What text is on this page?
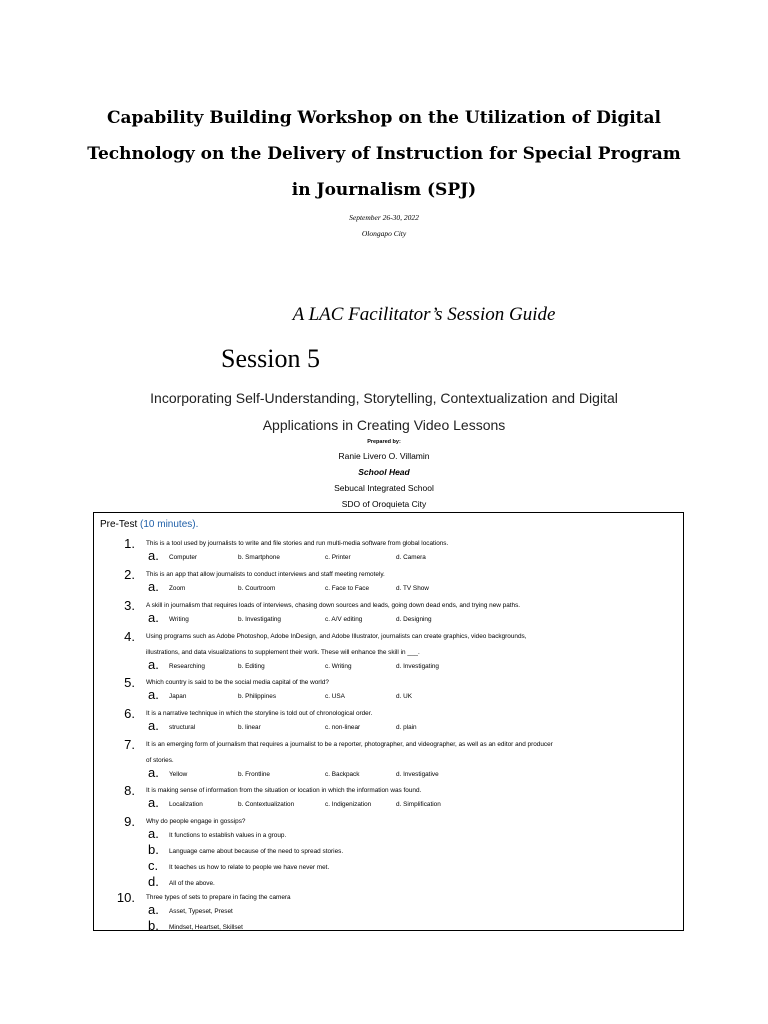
Capability Building Workshop on the Utilization of Digital
Technology on the Delivery of Instruction for Special Program
in Journalism (SPJ)
September 26-30, 2022
Olongapo City
A LAC Facilitator’s Session Guide
Session 5
Incorporating Self-Understanding, Storytelling, Contextualization and Digital
Applications in Creating Video Lessons
Prepared by:
Ranie Livero O. Villamin
School Head
Sebucal Integrated School
SDO of Oroquieta City
Pre-Test (10 minutes).
1. This is a tool used by journalists to write and file stories and run multi-media software from global locations.
a. Computer	b. Smartphone	c. Printer	d. Camera
2. This is an app that allow journalists to conduct interviews and staff meeting remotely.
a. Zoom	b. Courtroom	c. Face to Face	d. TV Show
3. A skill in journalism that requires loads of interviews, chasing down sources and leads, going down dead ends, and trying new paths.
a. Writing	b. Investigating	c. A/V editing	d. Designing
4. Using programs such as Adobe Photoshop, Adobe InDesign, and Adobe Illustrator, journalists can create graphics, video backgrounds,
illustrations, and data visualizations to supplement their work. These will enhance the skill in ___.
a. Researching	b. Editing	c. Writing	d. Investigating
5. Which country is said to be the social media capital of the world?
a. Japan	b. Philippines	c. USA	d. UK
6. It is a narrative technique in which the storyline is told out of chronological order.
a. structural	b. linear	c. non-linear	d. plain
7. It is an emerging form of journalism that requires a journalist to be a reporter, photographer, and videographer, as well as an editor and producer
of stories.
a. Yellow	b. Frontline	c. Backpack	d. Investigative
8. It is making sense of information from the situation or location in which the information was found.
a. Localization	b. Contextualization	c. Indigenization	d. Simplification
9. Why do people engage in gossips?
a. It functions to establish values in a group.
b. Language came about because of the need to spread stories.
c. It teaches us how to relate to people we have never met.
d. All of the above.
10. Three types of sets to prepare in facing the camera
a. Asset, Typeset, Preset
b. Mindset, Heartset, Skillset
